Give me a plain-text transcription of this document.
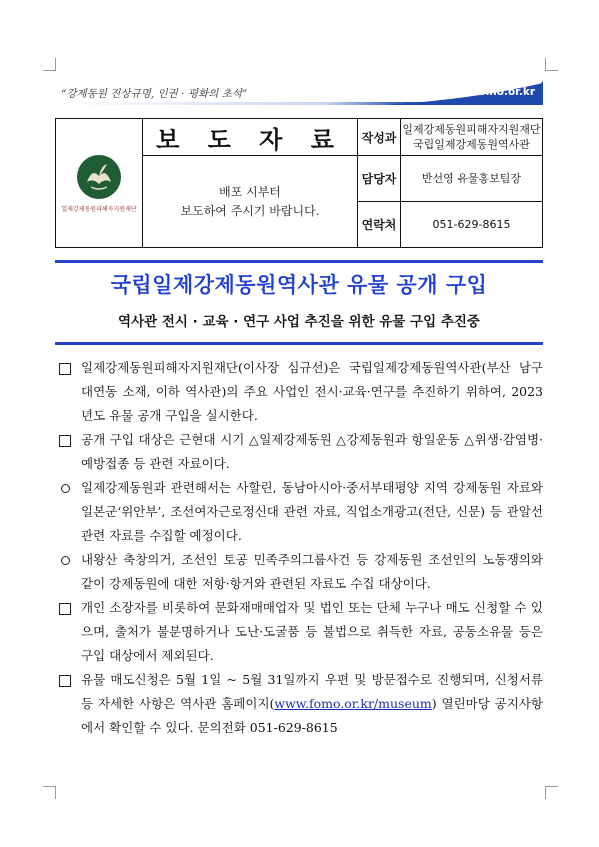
“강제동원 진상규명, 인권 · 평화의 초석”	www.fomo.or.kr
일제강제동원피해자지원재단	보 도 자 료	작성과	일제강제동원피해자지원재단
국립일제강제동원역사관

	배포 시부터
보도하여 주시기 바랍니다.	담당자	반선영 유물홍보팀장
		연락처	051-629-8615
국립일제강제동원역사관 유물 공개 구입
역사관 전시 · 교육 · 연구 사업 추진을 위한 유물 구입 추진중
일제강제동원피해자지원재단(이사장 심규선)은 국립일제강제동원역사관(부산 남구 대연동 소재, 이하 역사관)의 주요 사업인 전시·교육·연구를 추진하기 위하여, 2023년도 유물 공개 구입을 실시한다.
공개 구입 대상은 근현대 시기 △일제강제동원 △강제동원과 항일운동 △위생·감염병·예방접종 등 관련 자료이다.
일제강제동원과 관련해서는 사할린, 동남아시아·중서부태평양 지역 강제동원 자료와 일본군‘위안부’, 조선여자근로정신대 관련 자료, 직업소개광고(전단, 신문) 등 관알선 관련 자료를 수집할 예정이다.
내왕산 축창의거, 조선인 토공 민족주의그룹사건 등 강제동원 조선인의 노동쟁의와 같이 강제동원에 대한 저항·항거와 관련된 자료도 수집 대상이다.
개인 소장자를 비롯하여 문화재매매업자 및 법인 또는 단체 누구나 매도 신청할 수 있으며, 출처가 불분명하거나 도난·도굴품 등 불법으로 취득한 자료, 공동소유물 등은 구입 대상에서 제외된다.
유물 매도신청은 5월 1일 ~ 5월 31일까지 우편 및 방문접수로 진행되며, 신청서류 등 자세한 사항은 역사관 홈페이지(www.fomo.or.kr/museum) 열린마당 공지사항에서 확인할 수 있다. 문의전화 051-629-8615
